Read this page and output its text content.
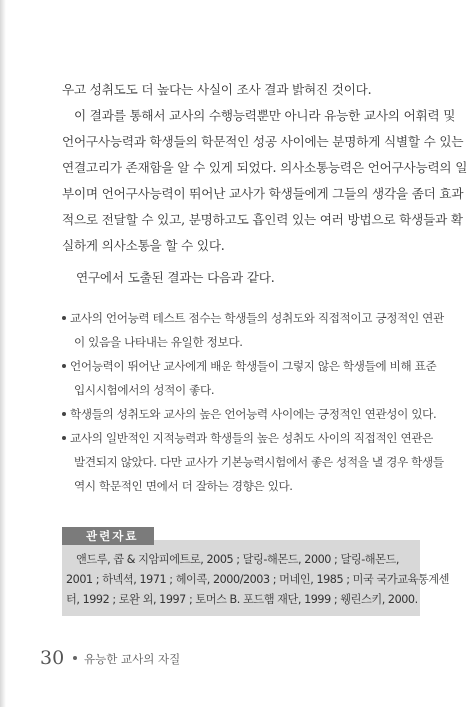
우고 성취도도 더 높다는 사실이 조사 결과 밝혀진 것이다.
이 결과를 통해서 교사의 수행능력뿐만 아니라 유능한 교사의 어휘력 및
언어구사능력과 학생들의 학문적인 성공 사이에는 분명하게 식별할 수 있는
연결고리가 존재함을 알 수 있게 되었다. 의사소통능력은 언어구사능력의 일
부이며 언어구사능력이 뛰어난 교사가 학생들에게 그들의 생각을 좀더 효과
적으로 전달할 수 있고, 분명하고도 흡인력 있는 여러 방법으로 학생들과 확
실하게 의사소통을 할 수 있다.
연구에서 도출된 결과는 다음과 같다.
교사의 언어능력 테스트 점수는 학생들의 성취도와 직접적이고 긍정적인 연관
이 있음을 나타내는 유일한 정보다.
언어능력이 뛰어난 교사에게 배운 학생들이 그렇지 않은 학생들에 비해 표준
입시시험에서의 성적이 좋다.
학생들의 성취도와 교사의 높은 언어능력 사이에는 긍정적인 연관성이 있다.
교사의 일반적인 지적능력과 학생들의 높은 성취도 사이의 직접적인 연관은
발견되지 않았다. 다만 교사가 기본능력시험에서 좋은 성적을 낼 경우 학생들
역시 학문적인 면에서 더 잘하는 경향은 있다.
관련자료
앤드루, 콥 & 지암피에트로, 2005 ; 달링-해몬드, 2000 ; 달링-해몬드,
2001 ; 하넥셕, 1971 ; 헤이콕, 2000/2003 ; 머네인, 1985 ; 미국 국가교육통계센
터, 1992 ; 로완 외, 1997 ; 토머스 B. 포드햄 재단, 1999 ; 웽린스키, 2000.
30 유능한 교사의 자질
